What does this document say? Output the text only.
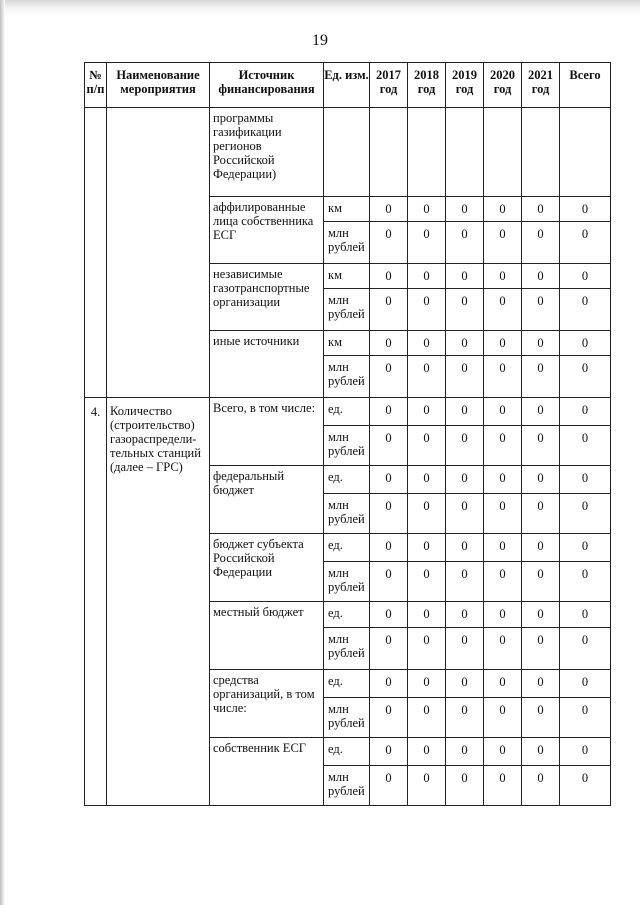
19
№ п/п	Наименование мероприятия	Источник финансирования	Ед. изм.	2017 год	2018 год	2019 год	2020 год	2021 год	Всего
		программы газификации регионов Российской Федерации)							
		аффилированные лица собственника ЕСГ	км	0	0	0	0	0	0
			млн рублей	0	0	0	0	0	0
		независимые газотранспортные организации	км	0	0	0	0	0	0
			млн рублей	0	0	0	0	0	0
		иные источники	км	0	0	0	0	0	0
			млн рублей	0	0	0	0	0	0
4.	Количество (строительство) газораспредели-тельных станций (далее – ГРС)	Всего, в том числе:	ед.	0	0	0	0	0	0
			млн рублей	0	0	0	0	0	0
		федеральный бюджет	ед.	0	0	0	0	0	0
			млн рублей	0	0	0	0	0	0
		бюджет субъекта Российской Федерации	ед.	0	0	0	0	0	0
			млн рублей	0	0	0	0	0	0
		местный бюджет	ед.	0	0	0	0	0	0
			млн рублей	0	0	0	0	0	0
		средства организаций, в том числе:	ед.	0	0	0	0	0	0
			млн рублей	0	0	0	0	0	0
		собственник ЕСГ	ед.	0	0	0	0	0	0
			млн рублей	0	0	0	0	0	0
